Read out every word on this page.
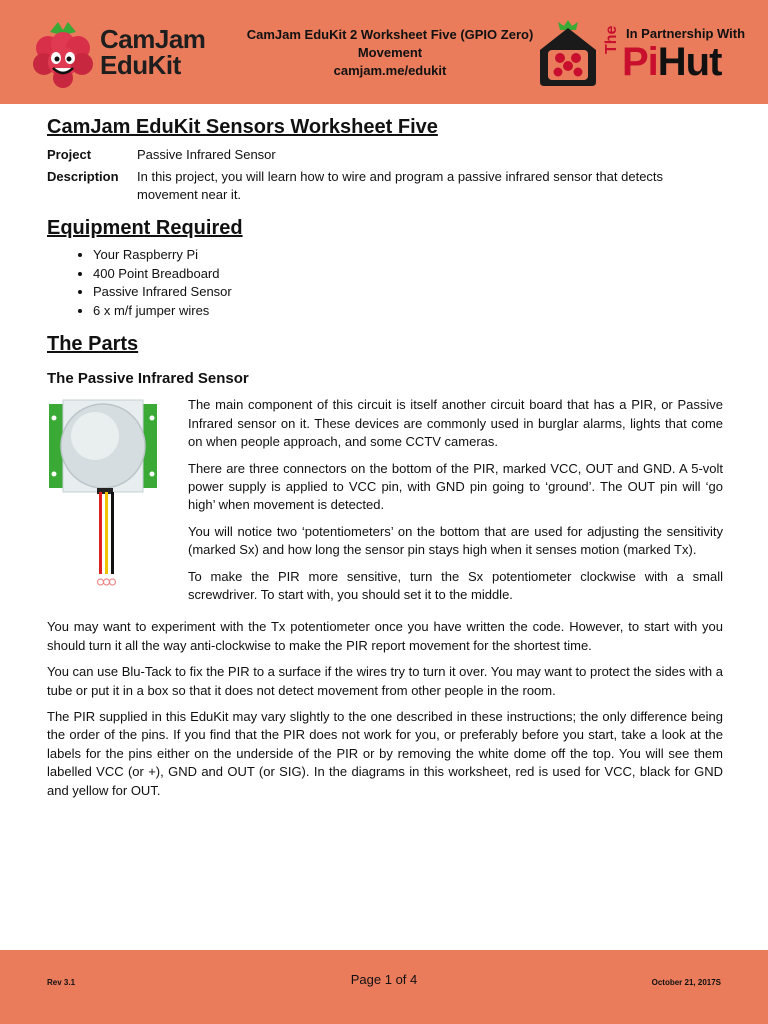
CamJam
EduKit
CamJam EduKit 2 Worksheet Five (GPIO Zero)
Movement
camjam.me/edukit
In Partnership With
The
PiHut
CamJam EduKit Sensors Worksheet Five
Project	Passive Infrared Sensor
Description	In this project, you will learn how to wire and program a passive infrared sensor that detects movement near it.
Equipment Required
• Your Raspberry Pi
• 400 Point Breadboard
• Passive Infrared Sensor
• 6 x m/f jumper wires
The Parts
The Passive Infrared Sensor

The main component of this circuit is itself another circuit board that has a PIR, or Passive Infrared sensor on it. These devices are commonly used in burglar alarms, lights that come on when people approach, and some CCTV cameras.

There are three connectors on the bottom of the PIR, marked VCC, OUT and GND. A 5-volt power supply is applied to VCC pin, with GND pin going to ‘ground’. The OUT pin will ‘go high’ when movement is detected.

You will notice two ‘potentiometers’ on the bottom that are used for adjusting the sensitivity (marked Sx) and how long the sensor pin stays high when it senses motion (marked Tx).

To make the PIR more sensitive, turn the Sx potentiometer clockwise with a small screwdriver. To start with, you should set it to the middle.

You may want to experiment with the Tx potentiometer once you have written the code. However, to start with you should turn it all the way anti-clockwise to make the PIR report movement for the shortest time.

You can use Blu-Tack to fix the PIR to a surface if the wires try to turn it over. You may want to protect the sides with a tube or put it in a box so that it does not detect movement from other people in the room.

The PIR supplied in this EduKit may vary slightly to the one described in these instructions; the only difference being the order of the pins. If you find that the PIR does not work for you, or preferably before you start, take a look at the labels for the pins either on the underside of the PIR or by removing the white dome off the top. You will see them labelled VCC (or +), GND and OUT (or SIG). In the diagrams in this worksheet, red is used for VCC, black for GND and yellow for OUT.

Rev 3.1	Page 1 of 4	October 21, 2017S
